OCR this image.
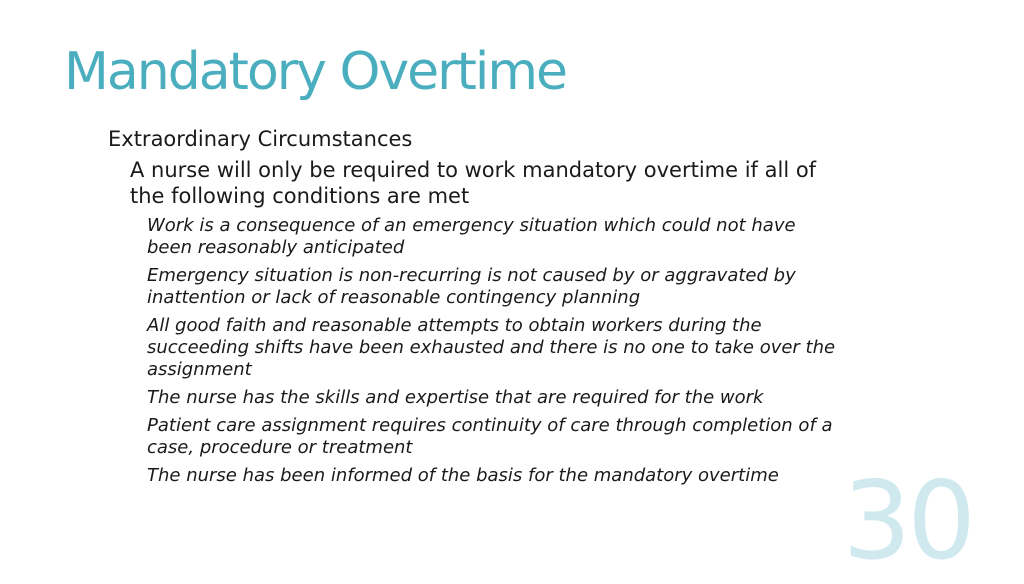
Mandatory Overtime
Extraordinary Circumstances
A nurse will only be required to work mandatory overtime if all of the following conditions are met
Work is a consequence of an emergency situation which could not have been reasonably anticipated
Emergency situation is non-recurring is not caused by or aggravated by inattention or lack of reasonable contingency planning
All good faith and reasonable attempts to obtain workers during the succeeding shifts have been exhausted and there is no one to take over the assignment
The nurse has the skills and expertise that are required for the work
Patient care assignment requires continuity of care through completion of a case, procedure or treatment
The nurse has been informed of the basis for the mandatory overtime 30
